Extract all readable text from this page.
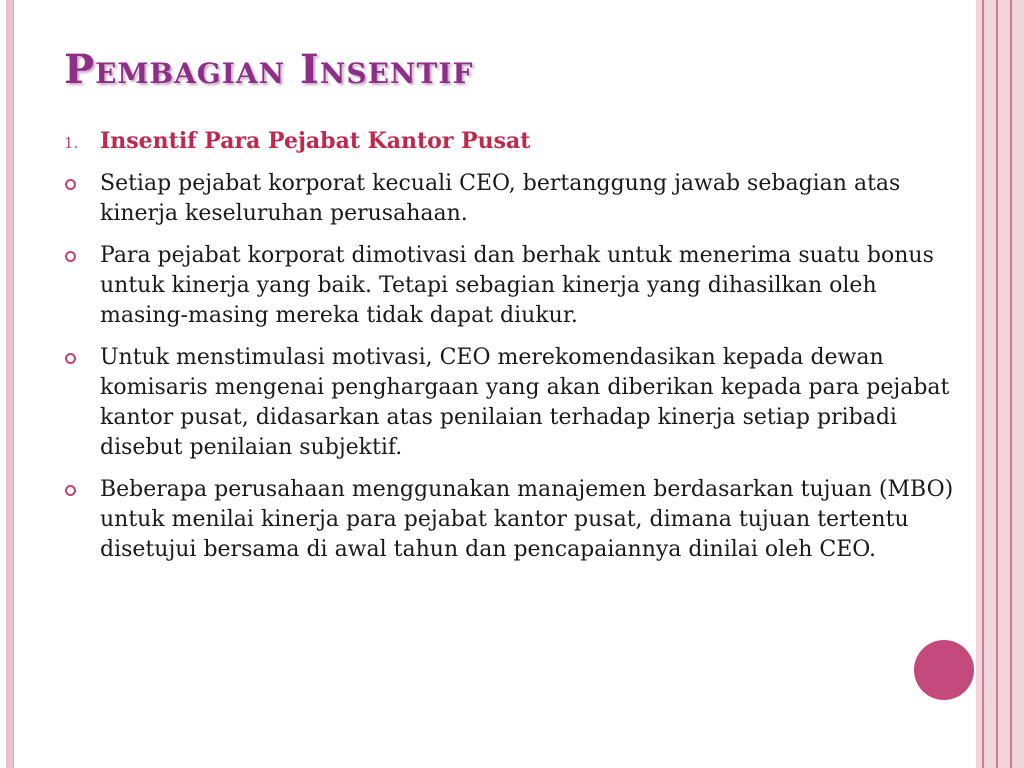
Pembagian Insentif
1. Insentif Para Pejabat Kantor Pusat
Setiap pejabat korporat kecuali CEO, bertanggung jawab sebagian atas kinerja keseluruhan perusahaan.
Para pejabat korporat dimotivasi dan berhak untuk menerima suatu bonus untuk kinerja yang baik. Tetapi sebagian kinerja yang dihasilkan oleh masing-masing mereka tidak dapat diukur.
Untuk menstimulasi motivasi, CEO merekomendasikan kepada dewan komisaris mengenai penghargaan yang akan diberikan kepada para pejabat kantor pusat, didasarkan atas penilaian terhadap kinerja setiap pribadi disebut penilaian subjektif.
Beberapa perusahaan menggunakan manajemen berdasarkan tujuan (MBO) untuk menilai kinerja para pejabat kantor pusat, dimana tujuan tertentu disetujui bersama di awal tahun dan pencapaiannya dinilai oleh CEO.
